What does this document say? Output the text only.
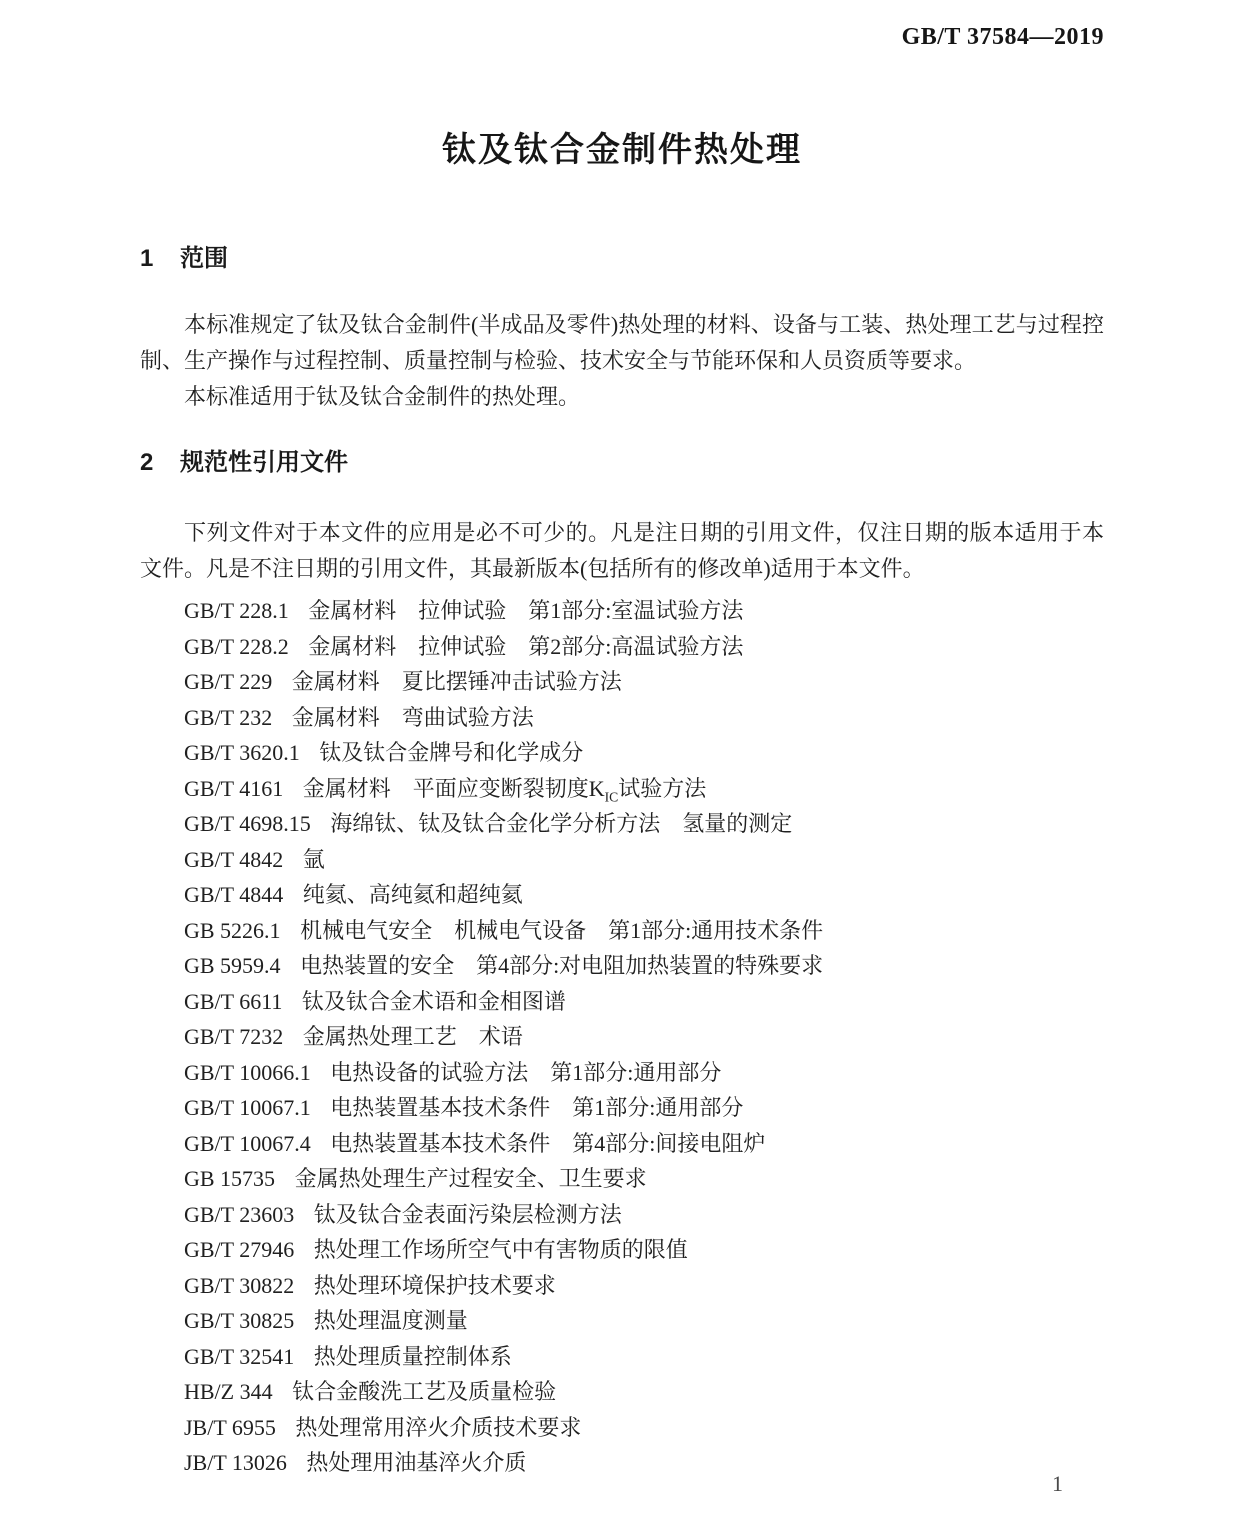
GB/T 37584—2019
钛及钛合金制件热处理
1 范围

本标准规定了钛及钛合金制件(半成品及零件)热处理的材料、设备与工装、热处理工艺与过程控制、生产操作与过程控制、质量控制与检验、技术安全与节能环保和人员资质等要求。

本标准适用于钛及钛合金制件的热处理。

2 规范性引用文件

下列文件对于本文件的应用是必不可少的。凡是注日期的引用文件，仅注日期的版本适用于本文件。凡是不注日期的引用文件，其最新版本(包括所有的修改单)适用于本文件。

GB/T 228.1 金属材料　拉伸试验　第1部分:室温试验方法
GB/T 228.2 金属材料　拉伸试验　第2部分:高温试验方法
GB/T 229 金属材料　夏比摆锤冲击试验方法
GB/T 232 金属材料　弯曲试验方法
GB/T 3620.1 钛及钛合金牌号和化学成分
GB/T 4161 金属材料　平面应变断裂韧度$K_{IC}$试验方法
GB/T 4698.15 海绵钛、钛及钛合金化学分析方法　氢量的测定
GB/T 4842 氩
GB/T 4844 纯氦、高纯氦和超纯氦
GB 5226.1 机械电气安全　机械电气设备　第1部分:通用技术条件
GB 5959.4 电热装置的安全　第4部分:对电阻加热装置的特殊要求
GB/T 6611 钛及钛合金术语和金相图谱
GB/T 7232 金属热处理工艺　术语
GB/T 10066.1 电热设备的试验方法　第1部分:通用部分
GB/T 10067.1 电热装置基本技术条件　第1部分:通用部分
GB/T 10067.4 电热装置基本技术条件　第4部分:间接电阻炉
GB 15735 金属热处理生产过程安全、卫生要求
GB/T 23603 钛及钛合金表面污染层检测方法
GB/T 27946 热处理工作场所空气中有害物质的限值
GB/T 30822 热处理环境保护技术要求
GB/T 30825 热处理温度测量
GB/T 32541 热处理质量控制体系
HB/Z 344 钛合金酸洗工艺及质量检验
JB/T 6955 热处理常用淬火介质技术要求
JB/T 13026 热处理用油基淬火介质
1
